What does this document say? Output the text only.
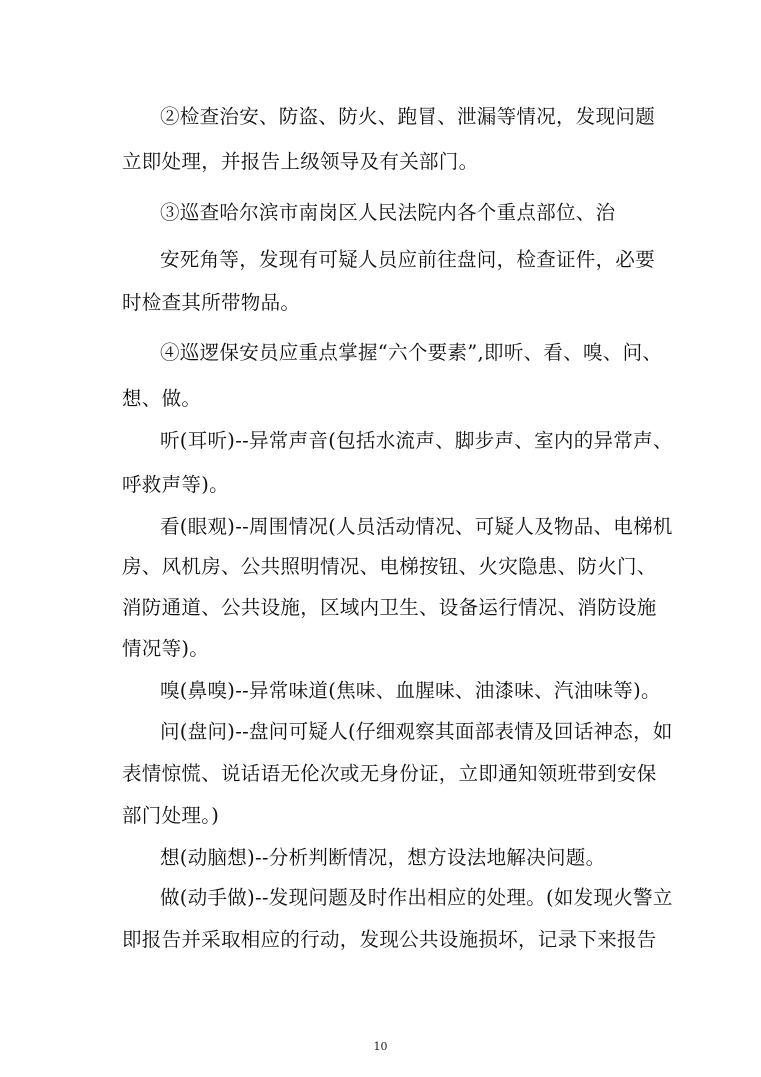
②检查治安、防盗、防火、跑冒、泄漏等情况，发现问题
立即处理，并报告上级领导及有关部门。
③巡查哈尔滨市南岗区人民法院内各个重点部位、治
安死角等，发现有可疑人员应前往盘问，检查证件，必要
时检查其所带物品。
④巡逻保安员应重点掌握“六个要素”,即听、看、嗅、问、
想、做。
听(耳听)--异常声音(包括水流声、脚步声、室内的异常声、
呼救声等)。
看(眼观)--周围情况(人员活动情况、可疑人及物品、电梯机
房、风机房、公共照明情况、电梯按钮、火灾隐患、防火门、
消防通道、公共设施，区域内卫生、设备运行情况、消防设施
情况等)。
嗅(鼻嗅)--异常味道(焦味、血腥味、油漆味、汽油味等)。
问(盘问)--盘问可疑人(仔细观察其面部表情及回话神态，如
表情惊慌、说话语无伦次或无身份证，立即通知领班带到安保
部门处理。)
想(动脑想)--分析判断情况，想方设法地解决问题。
做(动手做)--发现问题及时作出相应的处理。(如发现火警立
即报告并采取相应的行动，发现公共设施损坏，记录下来报告
10
